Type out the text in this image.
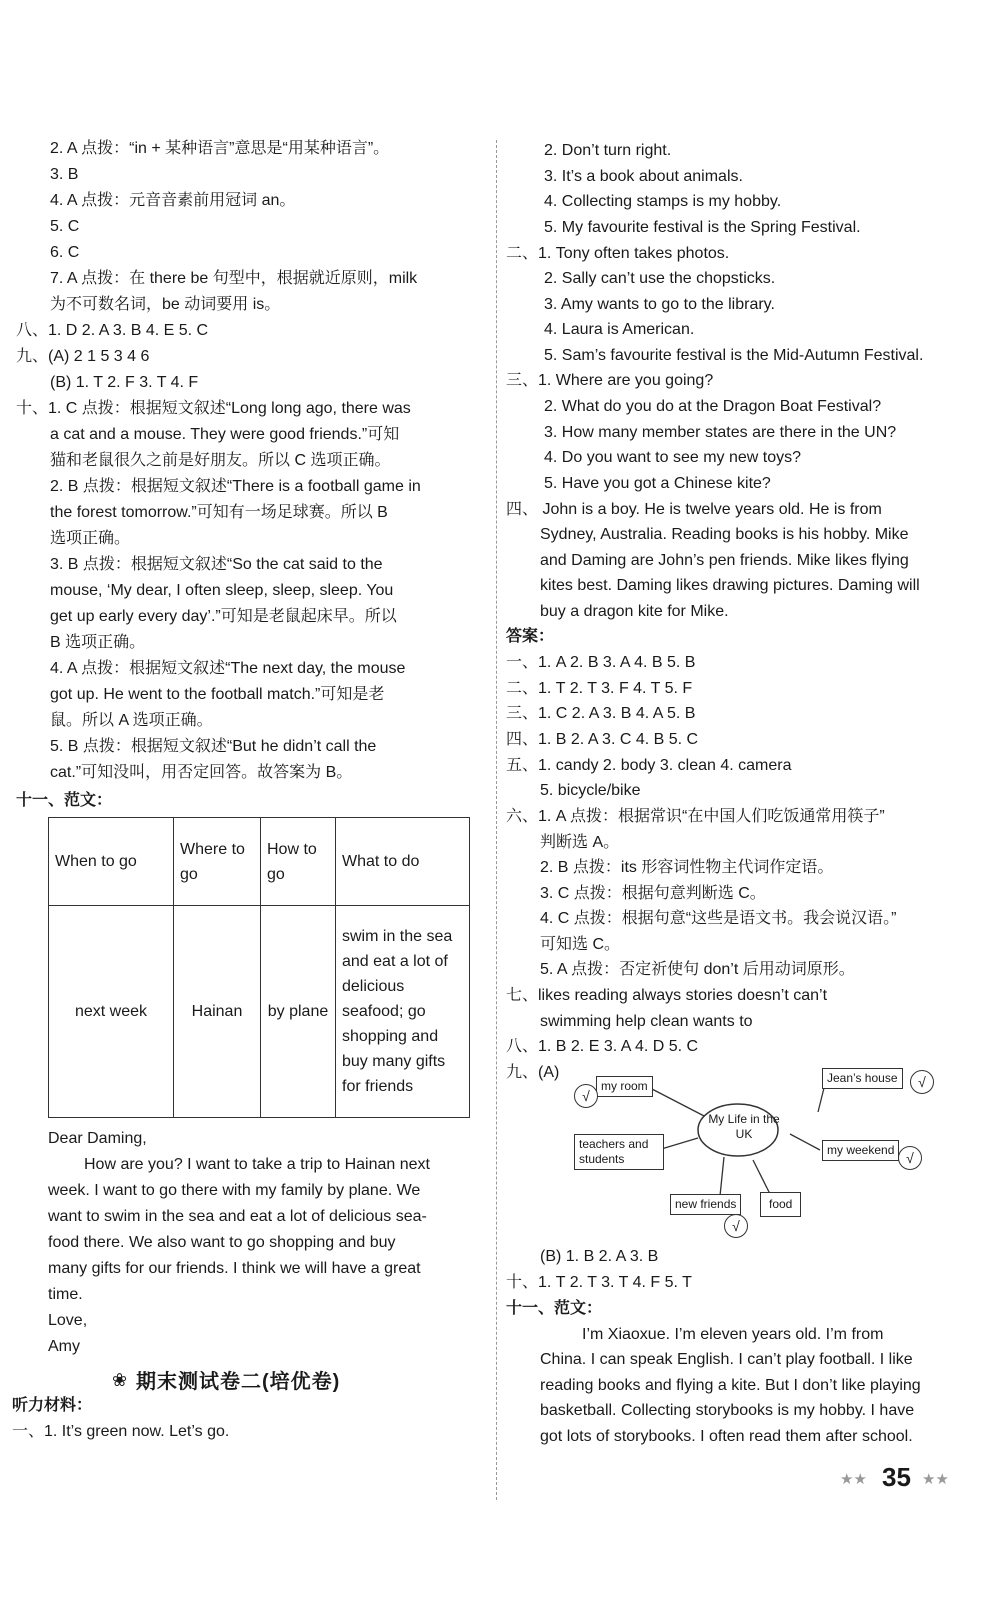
2. A 点拨：“in + 某种语言”意思是“用某种语言”。
3. B
4. A 点拨：元音音素前用冠词 an。
5. C
6. C
7. A 点拨：在 there be 句型中，根据就近原则，milk
为不可数名词，be 动词要用 is。
八、1. D 2. A 3. B 4. E 5. C
九、(A) 2 1 5 3 4 6
(B) 1. T 2. F 3. T 4. F
十、1. C 点拨：根据短文叙述“Long long ago, there was
a cat and a mouse. They were good friends.”可知
猫和老鼠很久之前是好朋友。所以 C 选项正确。
2. B 点拨：根据短文叙述“There is a football game in
the forest tomorrow.”可知有一场足球赛。所以 B
选项正确。
3. B 点拨：根据短文叙述“So the cat said to the
mouse, ‘My dear, I often sleep, sleep, sleep. You
get up early every day’.”可知是老鼠起床早。所以
B 选项正确。
4. A 点拨：根据短文叙述“The next day, the mouse
got up. He went to the football match.”可知是老
鼠。所以 A 选项正确。
5. B 点拨：根据短文叙述“But he didn’t call the
cat.”可知没叫，用否定回答。故答案为 B。
十一、范文：
When to go	Where to go	How to go	What to do
next week	Hainan	by plane	swim in the sea and eat a lot of delicious seafood; go shopping and buy many gifts for friends
Dear Daming,
How are you? I want to take a trip to Hainan next
week. I want to go there with my family by plane. We
want to swim in the sea and eat a lot of delicious sea-
food there. We also want to go shopping and buy
many gifts for our friends. I think we will have a great
time.
Love,
Amy
❀ 期末测试卷二(培优卷)
听力材料：
一、1. It’s green now. Let’s go.
2. Don’t turn right.
3. It’s a book about animals.
4. Collecting stamps is my hobby.
5. My favourite festival is the Spring Festival.
二、1. Tony often takes photos.
2. Sally can’t use the chopsticks.
3. Amy wants to go to the library.
4. Laura is American.
5. Sam’s favourite festival is the Mid-Autumn Festival.
三、1. Where are you going?
2. What do you do at the Dragon Boat Festival?
3. How many member states are there in the UN?
4. Do you want to see my new toys?
5. Have you got a Chinese kite?
四、 John is a boy. He is twelve years old. He is from
Sydney, Australia. Reading books is his hobby. Mike
and Daming are John’s pen friends. Mike likes flying
kites best. Daming likes drawing pictures. Daming will
buy a dragon kite for Mike.
答案：
一、1. A 2. B 3. A 4. B 5. B
二、1. T 2. T 3. F 4. T 5. F
三、1. C 2. A 3. B 4. A 5. B
四、1. B 2. A 3. C 4. B 5. C
五、1. candy 2. body 3. clean 4. camera
5. bicycle/bike
六、1. A 点拨：根据常识“在中国人们吃饭通常用筷子”
判断选 A。
2. B 点拨：its 形容词性物主代词作定语。
3. C 点拨：根据句意判断选 C。
4. C 点拨：根据句意“这些是语文书。我会说汉语。”
可知选 C。
5. A 点拨：否定祈使句 don’t 后用动词原形。
七、likes reading always stories doesn’t can’t
swimming help clean wants to
八、1. B 2. E 3. A 4. D 5. C
九、(A)
(B) 1. B 2. A 3. B
十、1. T 2. T 3. T 4. F 5. T
十一、范文：
I’m Xiaoxue. I’m eleven years old. I’m from
China. I can speak English. I can’t play football. I like
reading books and flying a kite. But I don’t like playing
basketball. Collecting storybooks is my hobby. I have
got lots of storybooks. I often read them after school.
My Life in the UK
my room
Jean’s house
teachers and students
my weekend
new friends	food
√
√
√
√
★★ 35 ★★
